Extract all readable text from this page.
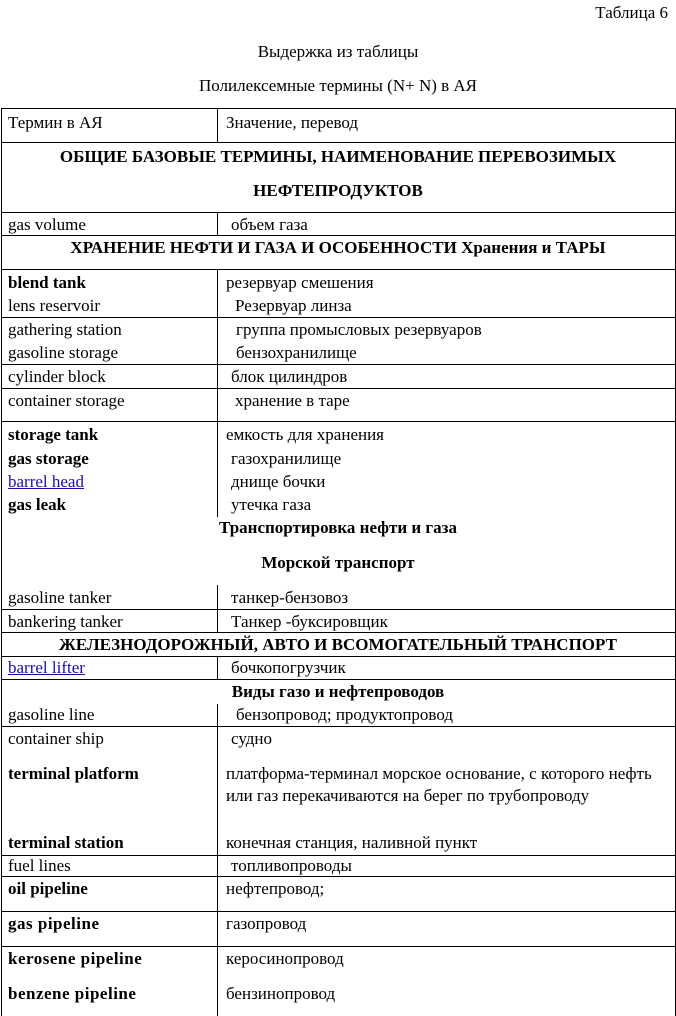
Таблица 6
Выдержка из таблицы
Полилексемные термины (N+ N) в АЯ
Термин в АЯ	Значение, перевод
ОБЩИЕ БАЗОВЫЕ ТЕРМИНЫ, НАИМЕНОВАНИЕ ПЕРЕВОЗИМЫХ
НЕФТЕПРОДУКТОВ
gas volume	объем газа
ХРАНЕНИЕ НЕФТИ И ГАЗА И ОСОБЕННОСТИ Хранения и ТАРЫ
blend tank	резервуар смешения
lens reservoir	Резервуар линза
gathering station	группа промысловых резервуаров
gasoline storage	бензохранилище
cylinder block	блок цилиндров
container storage	хранение в таре
storage tank	емкость для хранения
gas storage	газохранилище
barrel head	днище бочки
gas leak	утечка газа
Транспортировка нефти и газа
Морской транспорт
gasoline tanker	танкер-бензовоз
bankering tanker	Танкер -буксировщик
ЖЕЛЕЗНОДОРОЖНЫЙ, АВТО И ВСОМОГАТЕЛЬНЫЙ ТРАНСПОРТ
barrel lifter	бочкопогрузчик
Виды газо и нефтепроводов
gasoline line	бензопровод; продуктопровод
container ship	судно
terminal platform	платформа-терминал морское основание, с которого нефть или газ перекачиваются на берег по трубопроводу
terminal station	конечная станция, наливной пункт
fuel lines	топливопроводы
oil pipeline	нефтепровод;
gas pipeline	газопровод
kerosene pipeline	керосинопровод
benzene pipeline	бензинопровод
